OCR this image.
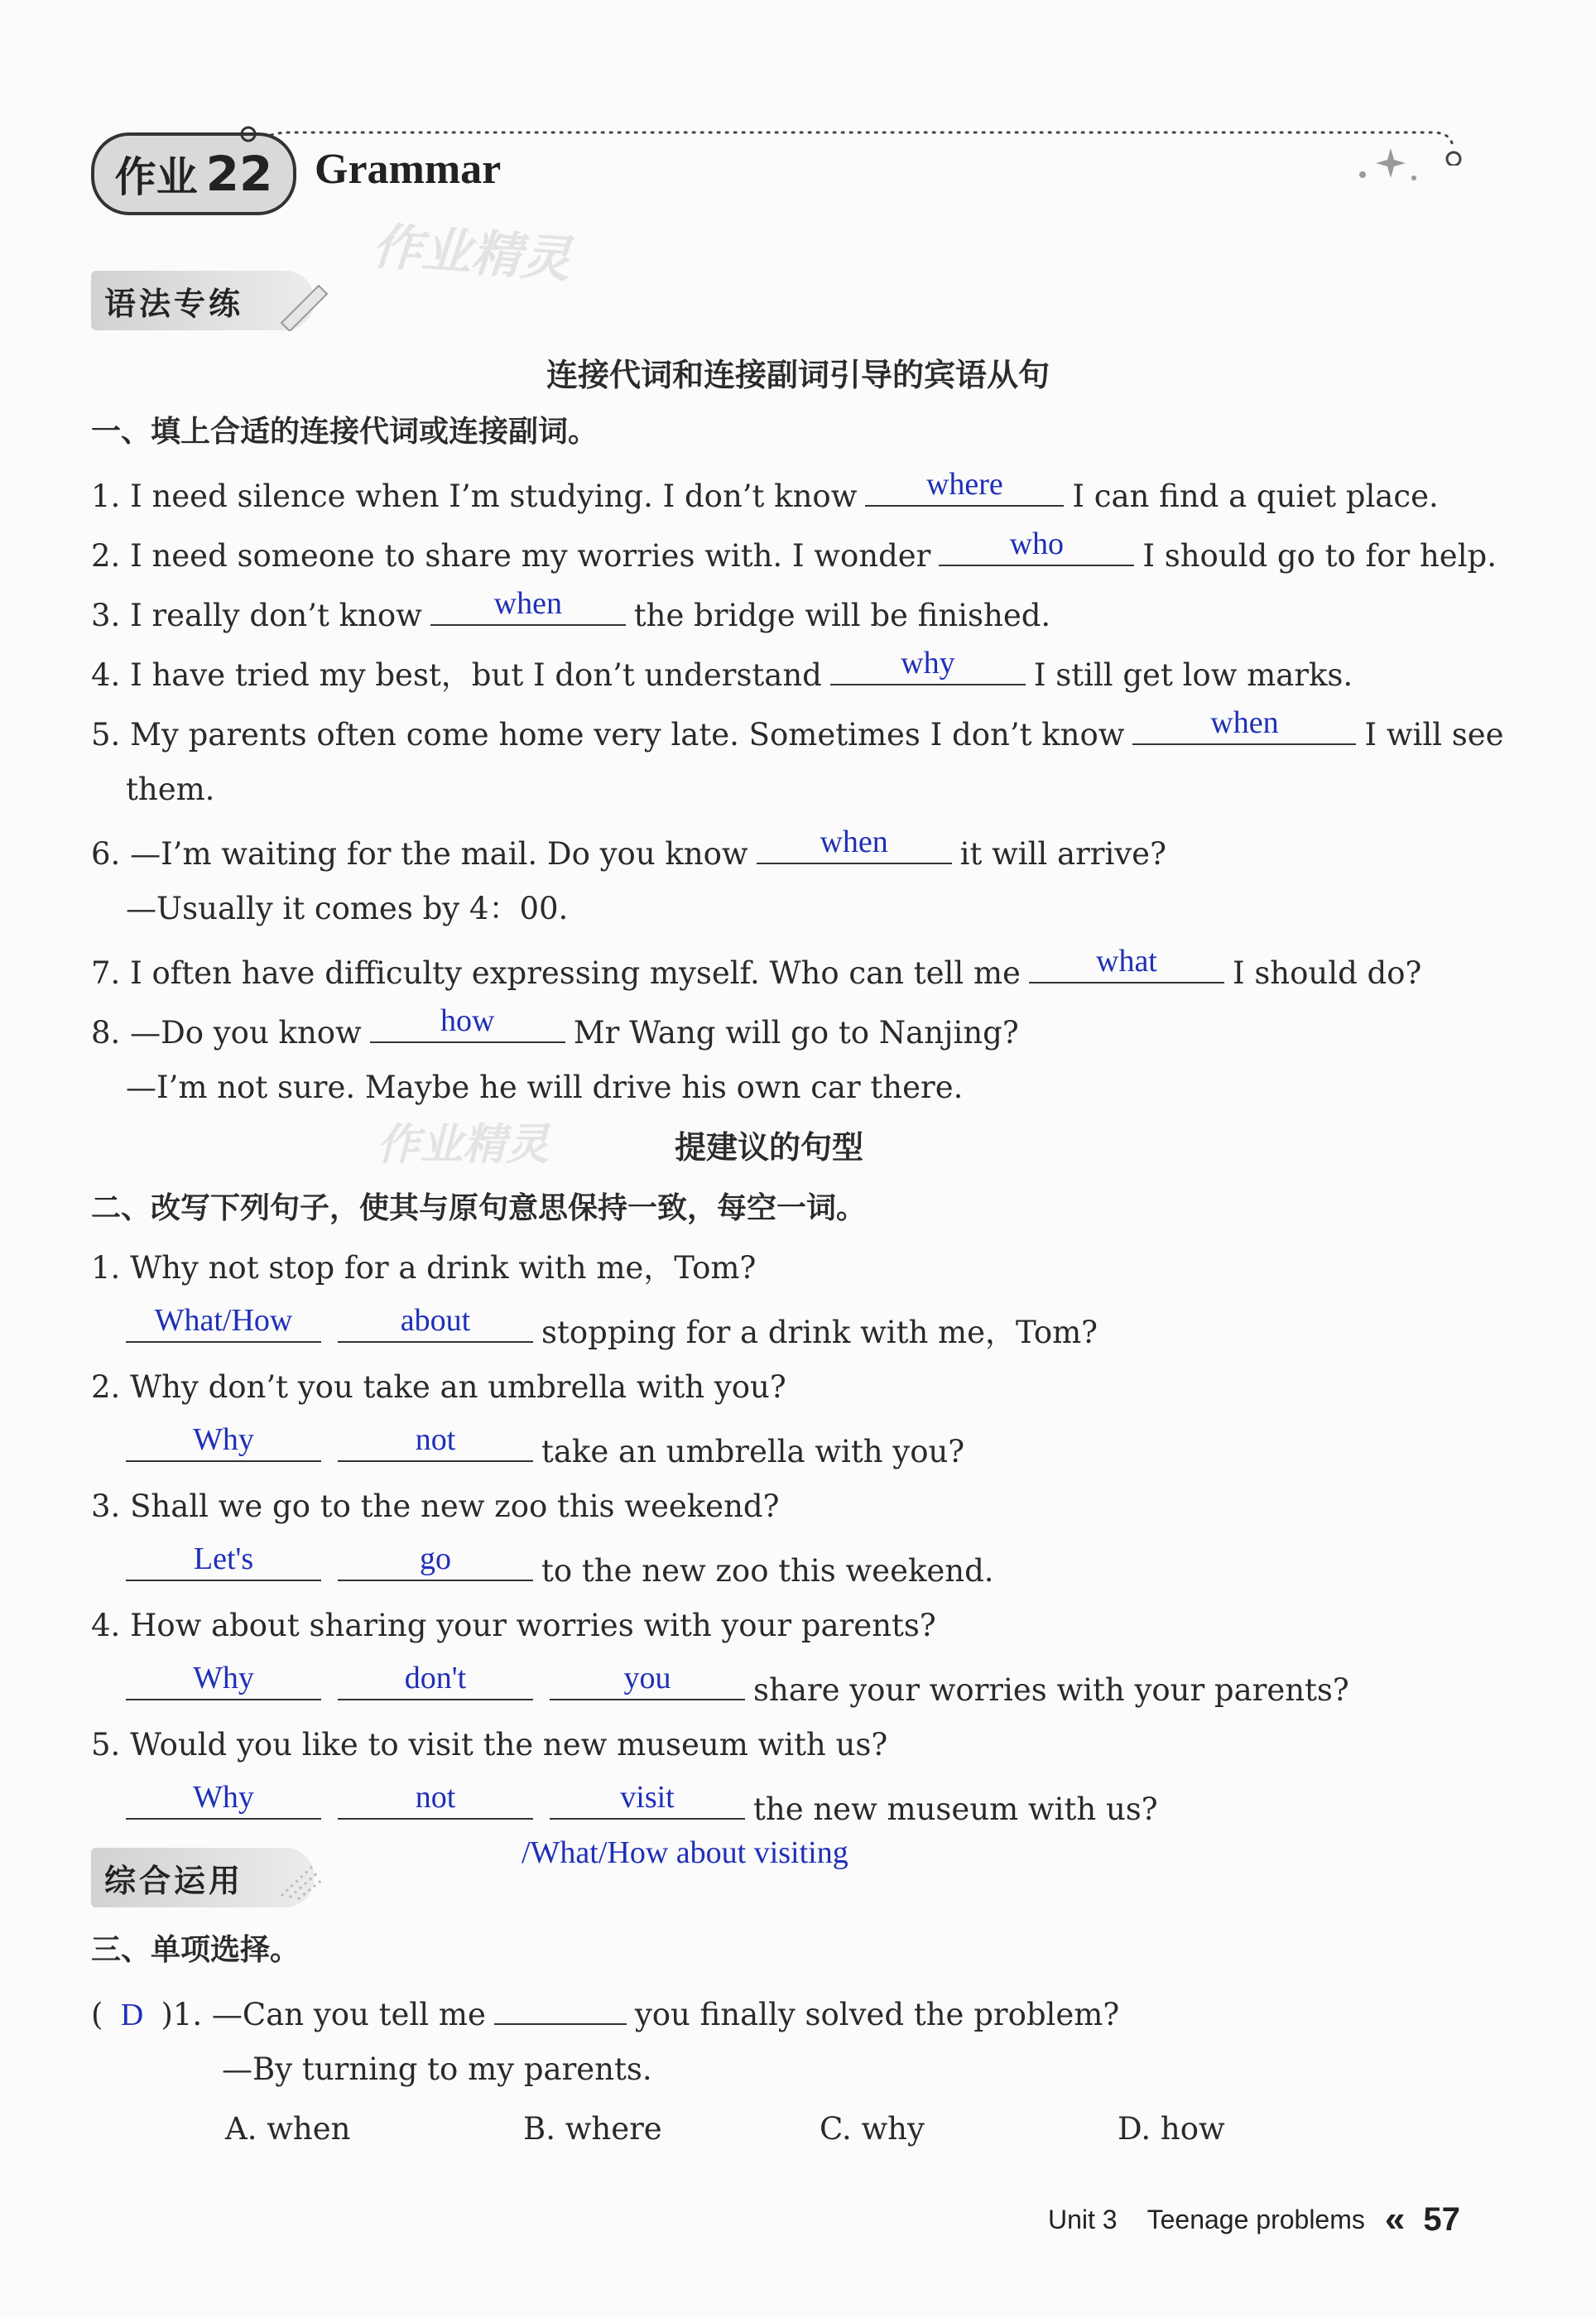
作业 22 Grammar
作业精灵
语法专练
连接代词和连接副词引导的宾语从句
一、填上合适的连接代词或连接副词。
1. I need silence when I’m studying. I don’t know	where	I can find a quiet place.
2. I need someone to share my worries with. I wonder	who	I should go to for help.
3. I really don’t know	when	the bridge will be finished.
4. I have tried my best，but I don’t understand	why	I still get low marks.
5. My parents often come home very late. Sometimes I don’t know	when	I will see
them.
6. —I’m waiting for the mail. Do you know	when	it will arrive?
—Usually it comes by 4：00.
7. I often have difficulty expressing myself. Who can tell me	what	I should do?
8. —Do you know	how	Mr Wang will go to Nanjing?
—I’m not sure. Maybe he will drive his own car there.
作业精灵	提建议的句型
二、改写下列句子，使其与原句意思保持一致，每空一词。
1. Why not stop for a drink with me，Tom?
What/How	about	stopping for a drink with me，Tom?
2. Why don’t you take an umbrella with you?
Why	not	take an umbrella with you?
3. Shall we go to the new zoo this weekend?
Let's	go	to the new zoo this weekend.
4. How about sharing your worries with your parents?
Why	don't	you	share your worries with your parents?
5. Would you like to visit the new museum with us?
Why	not	visit	the new museum with us?
/What/How about visiting
综合运用
三、单项选择。
( D )1. —Can you tell me	you finally solved the problem?
—By turning to my parents.
A. when	B. where	C. why	D. how
Unit 3 Teenage problems « 57
